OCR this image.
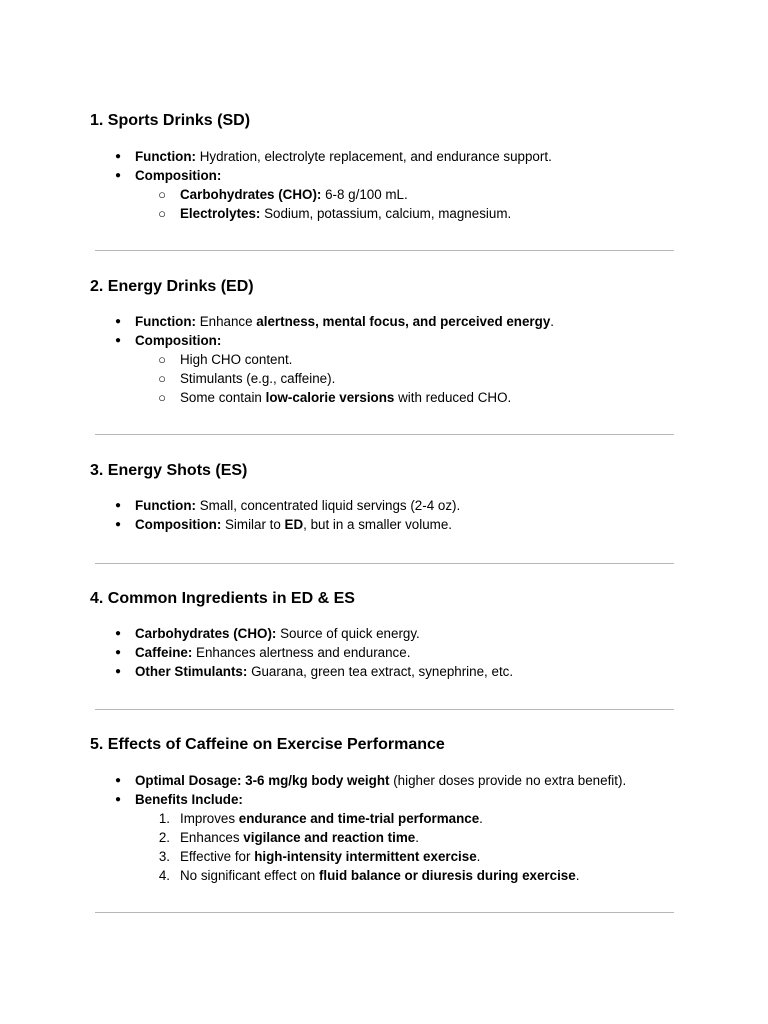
1. Sports Drinks (SD)
● Function: Hydration, electrolyte replacement, and endurance support.
● Composition:
○ Carbohydrates (CHO): 6-8 g/100 mL.
○ Electrolytes: Sodium, potassium, calcium, magnesium.
2. Energy Drinks (ED)
● Function: Enhance alertness, mental focus, and perceived energy.
● Composition:
○ High CHO content.
○ Stimulants (e.g., caffeine).
○ Some contain low-calorie versions with reduced CHO.
3. Energy Shots (ES)
● Function: Small, concentrated liquid servings (2-4 oz).
● Composition: Similar to ED, but in a smaller volume.
4. Common Ingredients in ED & ES
● Carbohydrates (CHO): Source of quick energy.
● Caffeine: Enhances alertness and endurance.
● Other Stimulants: Guarana, green tea extract, synephrine, etc.
5. Effects of Caffeine on Exercise Performance
● Optimal Dosage: 3-6 mg/kg body weight (higher doses provide no extra benefit).
● Benefits Include:
1. Improves endurance and time-trial performance.
2. Enhances vigilance and reaction time.
3. Effective for high-intensity intermittent exercise.
4. No significant effect on fluid balance or diuresis during exercise.
